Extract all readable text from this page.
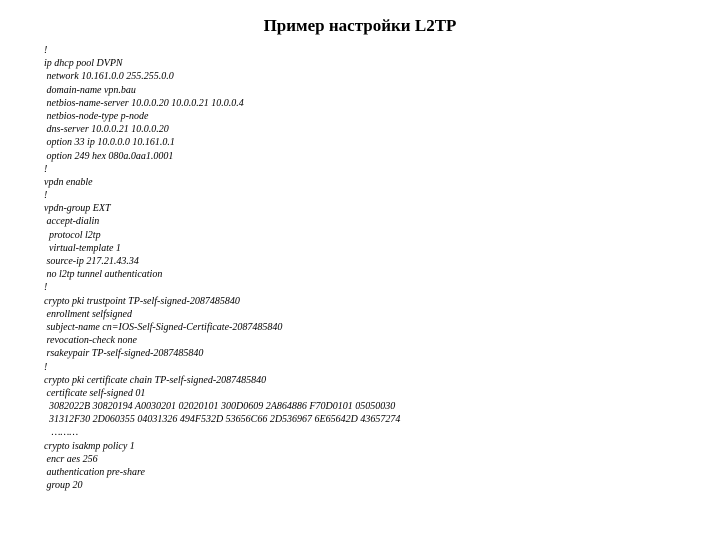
Пример настройки L2TP
!
ip dhcp pool DVPN
network 10.161.0.0 255.255.0.0
domain-name vpn.bau
netbios-name-server 10.0.0.20 10.0.0.21 10.0.0.4
netbios-node-type p-node
dns-server 10.0.0.21 10.0.0.20
option 33 ip 10.0.0.0 10.161.0.1
option 249 hex 080a.0aa1.0001
!
vpdn enable
!
vpdn-group EXT
accept-dialin
protocol l2tp
virtual-template 1
source-ip 217.21.43.34
no l2tp tunnel authentication
!
crypto pki trustpoint TP-self-signed-2087485840
enrollment selfsigned
subject-name cn=IOS-Self-Signed-Certificate-2087485840
revocation-check none
rsakeypair TP-self-signed-2087485840
!
crypto pki certificate chain TP-self-signed-2087485840
certificate self-signed 01
3082022B 30820194 A0030201 02020101 300D0609 2A864886 F70D0101 05050030
31312F30 2D060355 04031326 494F532D 53656C66 2D536967 6E65642D 43657274
………
crypto isakmp policy 1
encr aes 256
authentication pre-share
group 20
